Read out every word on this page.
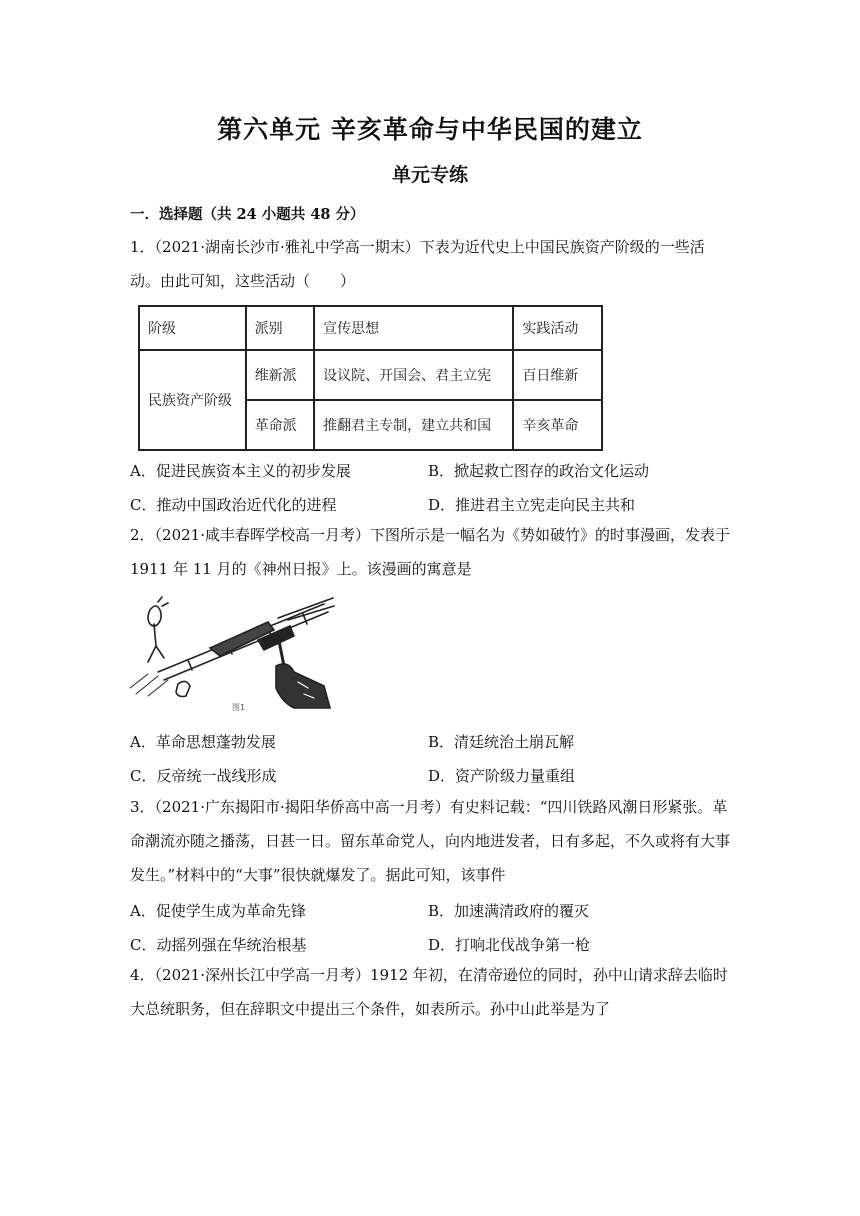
第六单元 辛亥革命与中华民国的建立
单元专练
一．选择题（共 24 小题共 48 分）
1．（2021·湖南长沙市·雅礼中学高一期末）下表为近代史上中国民族资产阶级的一些活动。由此可知，这些活动（　　）
阶级	派别	宣传思想	实践活动
民族资产阶级	维新派	设议院、开国会、君主立宪	百日维新
	革命派	推翻君主专制，建立共和国	辛亥革命
A．促进民族资本主义的初步发展	B．掀起救亡图存的政治文化运动
C．推动中国政治近代化的进程	D．推进君主立宪走向民主共和
2．（2021·咸丰春晖学校高一月考）下图所示是一幅名为《势如破竹》的时事漫画，发表于 1911 年 11 月的《神州日报》上。该漫画的寓意是
图1
A．革命思想蓬勃发展	B．清廷统治土崩瓦解
C．反帝统一战线形成	D．资产阶级力量重组
3．（2021·广东揭阳市·揭阳华侨高中高一月考）有史料记载：“四川铁路风潮日形紧张。革命潮流亦随之播荡，日甚一日。留东革命党人，向内地进发者，日有多起，不久或将有大事发生。”材料中的“大事”很快就爆发了。据此可知，该事件
A．促使学生成为革命先锋	B．加速满清政府的覆灭
C．动摇列强在华统治根基	D．打响北伐战争第一枪
4．（2021·深州长江中学高一月考）1912 年初，在清帝逊位的同时，孙中山请求辞去临时大总统职务，但在辞职文中提出三个条件，如表所示。孙中山此举是为了
